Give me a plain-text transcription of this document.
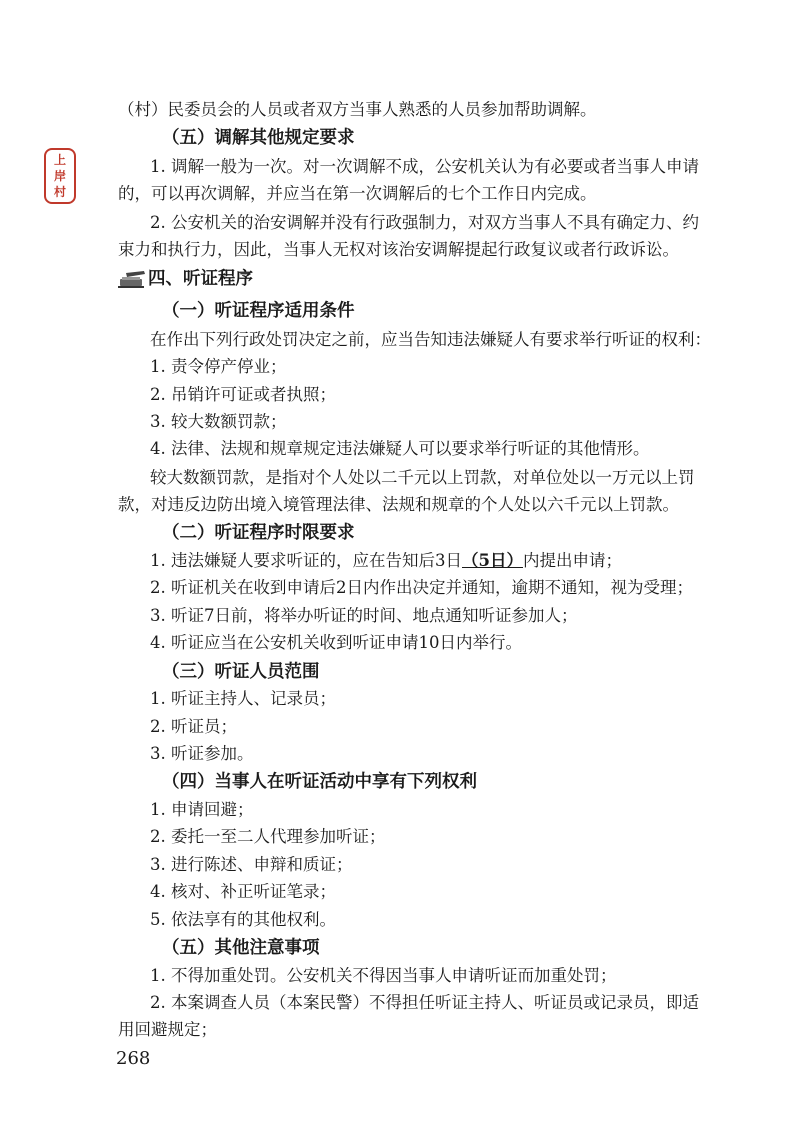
上
岸
村
（村）民委员会的人员或者双方当事人熟悉的人员参加帮助调解。
（五）调解其他规定要求
1. 调解一般为一次。对一次调解不成，公安机关认为有必要或者当事人申请
的，可以再次调解，并应当在第一次调解后的七个工作日内完成。
2. 公安机关的治安调解并没有行政强制力，对双方当事人不具有确定力、约
束力和执行力，因此，当事人无权对该治安调解提起行政复议或者行政诉讼。
四、听证程序
（一）听证程序适用条件
在作出下列行政处罚决定之前，应当告知违法嫌疑人有要求举行听证的权利：
1. 责令停产停业；
2. 吊销许可证或者执照；
3. 较大数额罚款；
4. 法律、法规和规章规定违法嫌疑人可以要求举行听证的其他情形。
较大数额罚款，是指对个人处以二千元以上罚款，对单位处以一万元以上罚
款，对违反边防出境入境管理法律、法规和规章的个人处以六千元以上罚款。
（二）听证程序时限要求
1. 违法嫌疑人要求听证的，应在告知后3日（5日）内提出申请；
2. 听证机关在收到申请后2日内作出决定并通知，逾期不通知，视为受理；
3. 听证7日前，将举办听证的时间、地点通知听证参加人；
4. 听证应当在公安机关收到听证申请10日内举行。
（三）听证人员范围
1. 听证主持人、记录员；
2. 听证员；
3. 听证参加。
（四）当事人在听证活动中享有下列权利
1. 申请回避；
2. 委托一至二人代理参加听证；
3. 进行陈述、申辩和质证；
4. 核对、补正听证笔录；
5. 依法享有的其他权利。
（五）其他注意事项
1. 不得加重处罚。公安机关不得因当事人申请听证而加重处罚；
2. 本案调查人员（本案民警）不得担任听证主持人、听证员或记录员，即适
用回避规定；
268
